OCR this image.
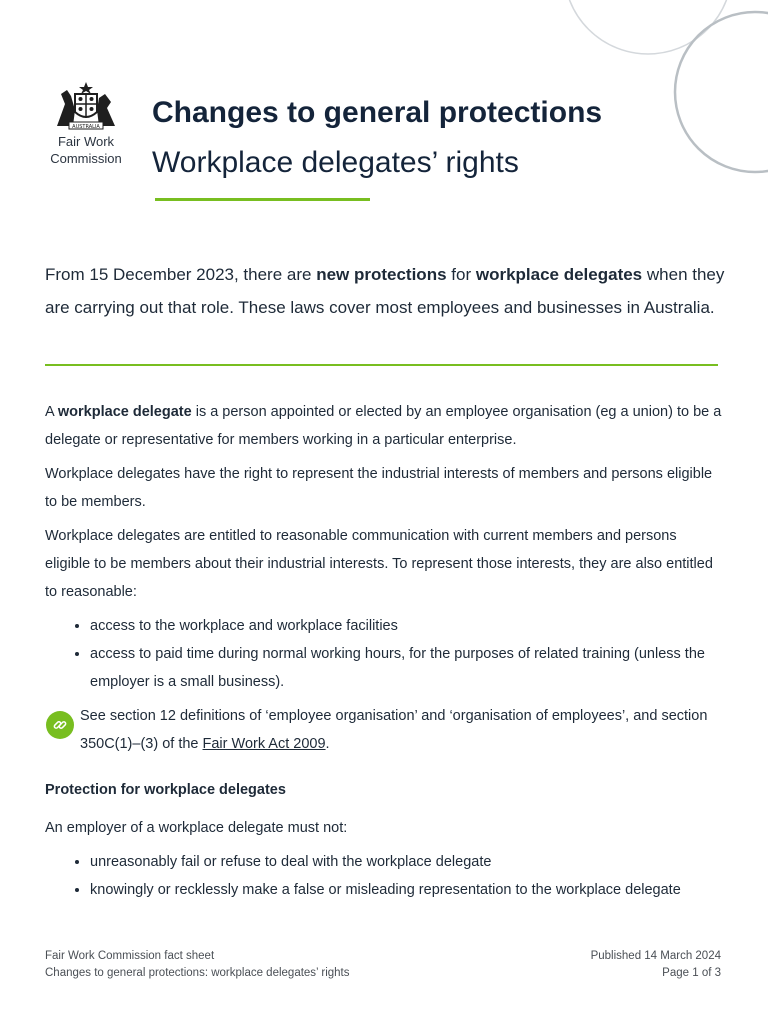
AUSTRALIA
Fair Work
Commission
Changes to general protections
Workplace delegates’ rights
From 15 December 2023, there are new protections for workplace delegates when they are carrying out that role. These laws cover most employees and businesses in Australia.

A workplace delegate is a person appointed or elected by an employee organisation (eg a union) to be a delegate or representative for members working in a particular enterprise.

Workplace delegates have the right to represent the industrial interests of members and persons eligible to be members.

Workplace delegates are entitled to reasonable communication with current members and persons eligible to be members about their industrial interests. To represent those interests, they are also entitled to reasonable:

• access to the workplace and workplace facilities
• access to paid time during normal working hours, for the purposes of related training (unless the employer is a small business).
See section 12 definitions of ‘employee organisation’ and ‘organisation of employees’, and section 350C(1)–(3) of the Fair Work Act 2009.
Protection for workplace delegates

An employer of a workplace delegate must not:

• unreasonably fail or refuse to deal with the workplace delegate
• knowingly or recklessly make a false or misleading representation to the workplace delegate
Fair Work Commission fact sheet
Changes to general protections: workplace delegates’ rights
Published 14 March 2024
Page 1 of 3
